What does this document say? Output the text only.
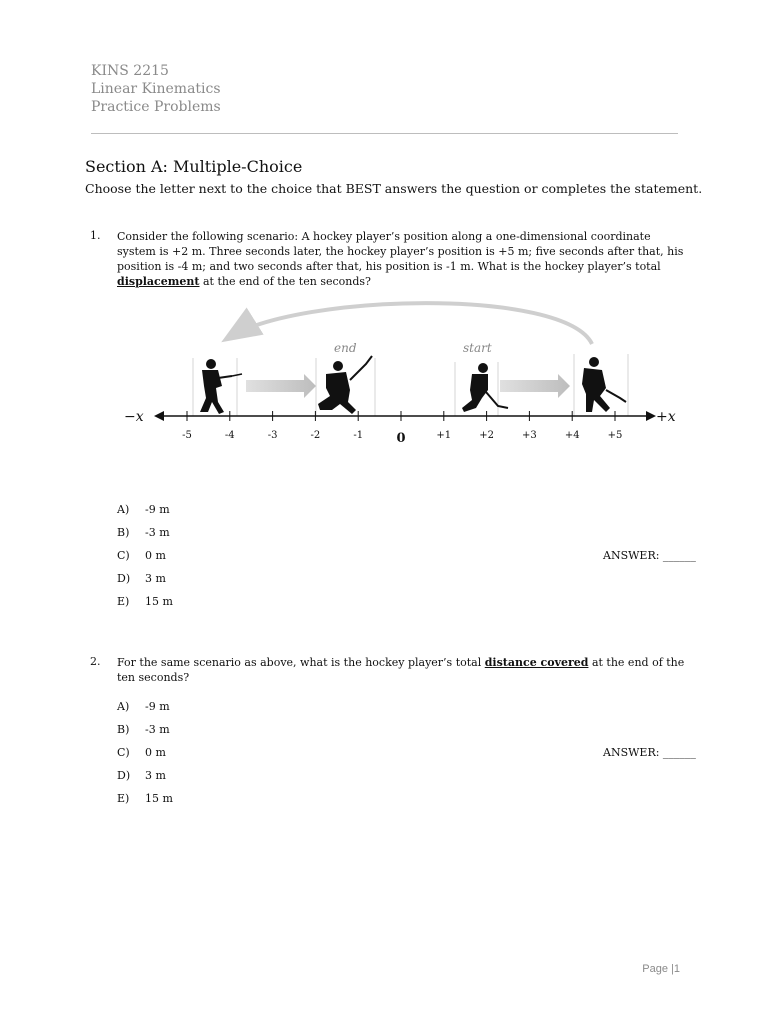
KINS 2215
Linear Kinematics
Practice Problems
Section A: Multiple-Choice
Choose the letter next to the choice that BEST answers the question or completes the statement.
1. Consider the following scenario: A hockey player’s position along a one-dimensional coordinate system is +2 m. Three seconds later, the hockey player’s position is +5 m; five seconds after that, his position is -4 m; and two seconds after that, his position is -1 m. What is the hockey player’s total displacement at the end of the ten seconds?
end	start
−x	+x
-5	-4	-3	-2	-1	0	+1	+2	+3	+4	+5
A) -9 m
B) -3 m
C) 0 m
D) 3 m
E) 15 m
ANSWER: ______
2. For the same scenario as above, what is the hockey player’s total distance covered at the end of the ten seconds?
A) -9 m
B) -3 m
C) 0 m
D) 3 m
E) 15 m
ANSWER: ______
Page |1
